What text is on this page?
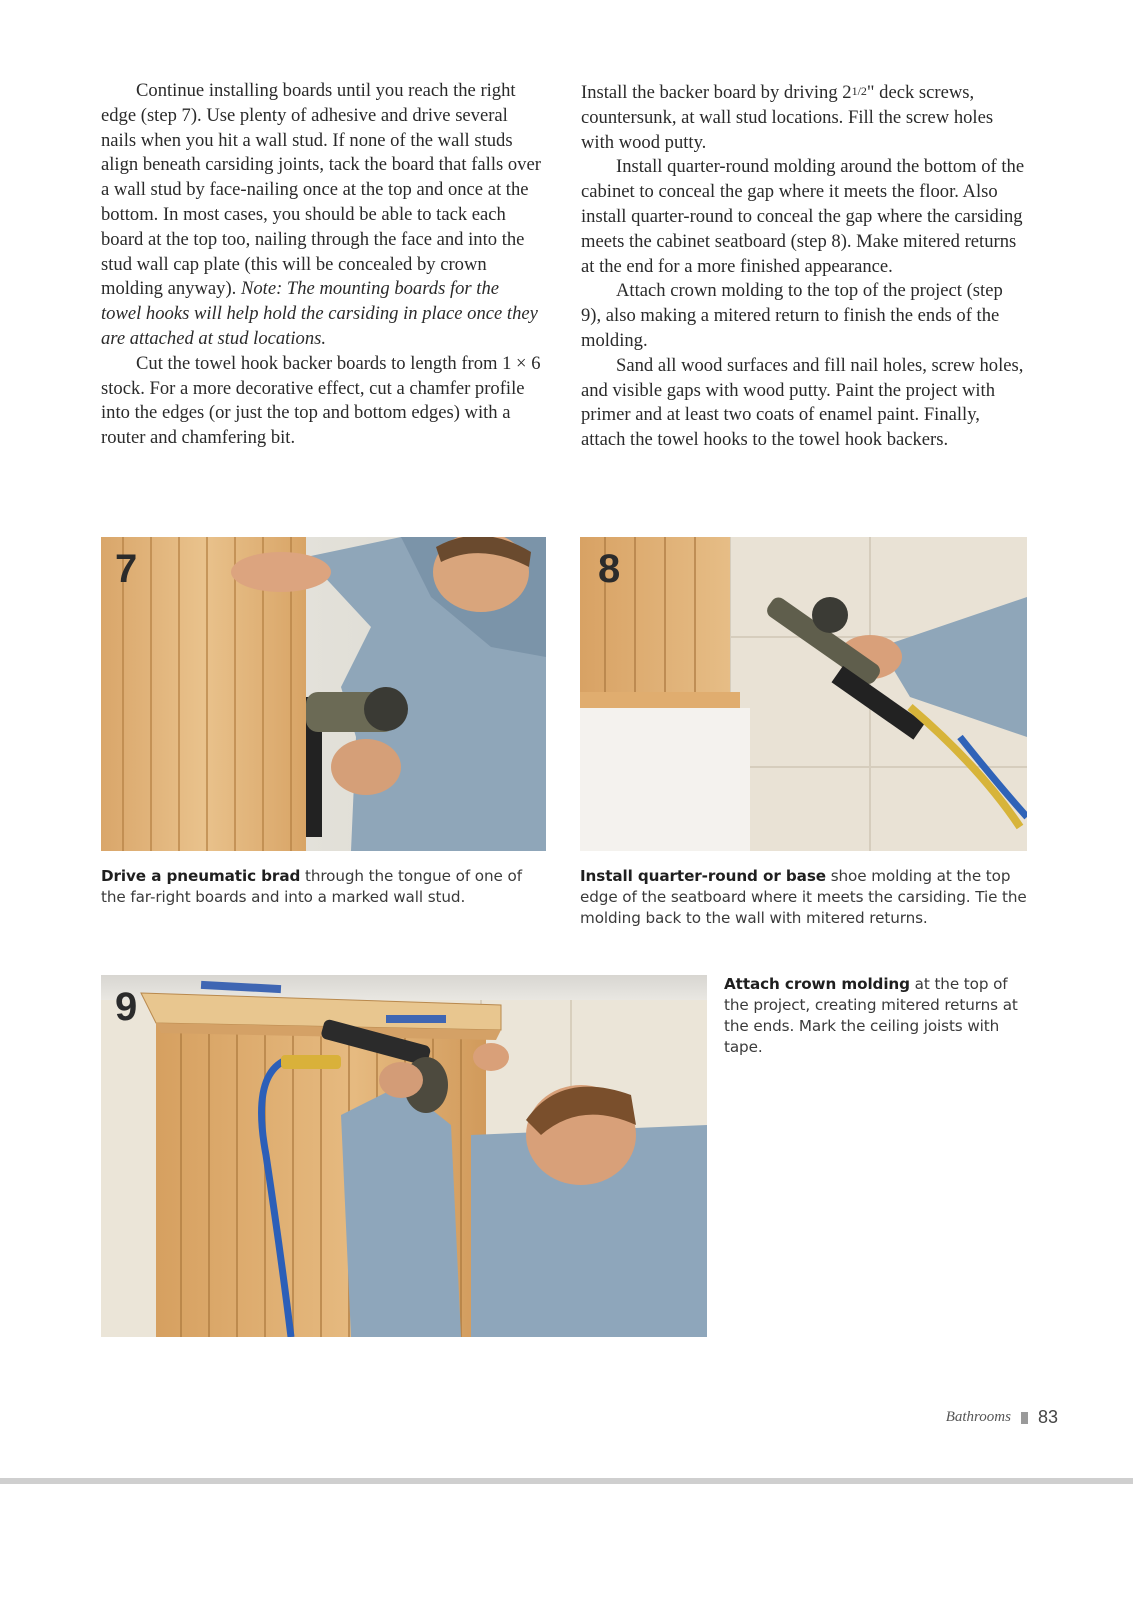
Continue installing boards until you reach the right edge (step 7). Use plenty of adhesive and drive several nails when you hit a wall stud. If none of the wall studs align beneath carsiding joints, tack the board that falls over a wall stud by face-nailing once at the top and once at the bottom. In most cases, you should be able to tack each board at the top too, nailing through the face and into the stud wall cap plate (this will be concealed by crown molding anyway). Note: The mounting boards for the towel hooks will help hold the carsiding in place once they are attached at stud locations.

Cut the towel hook backer boards to length from 1 × 6 stock. For a more decorative effect, cut a chamfer profile into the edges (or just the top and bottom edges) with a router and chamfering bit.

Install the backer board by driving 21/2" deck screws, countersunk, at wall stud locations. Fill the screw holes with wood putty.

Install quarter-round molding around the bottom of the cabinet to conceal the gap where it meets the floor. Also install quarter-round to conceal the gap where the carsiding meets the cabinet seatboard (step 8). Make mitered returns at the end for a more finished appearance.

Attach crown molding to the top of the project (step 9), also making a mitered return to finish the ends of the molding.

Sand all wood surfaces and fill nail holes, screw holes, and visible gaps with wood putty. Paint the project with primer and at least two coats of enamel paint. Finally, attach the towel hooks to the towel hook backers.

7
Drive a pneumatic brad through the tongue of one of the far-right boards and into a marked wall stud.
8
Install quarter-round or base shoe molding at the top edge of the seatboard where it meets the carsiding. Tie the molding back to the wall with mitered returns.
9
Attach crown molding at the top of the project, creating mitered returns at the ends. Mark the ceiling joists with tape.
Bathrooms 83
